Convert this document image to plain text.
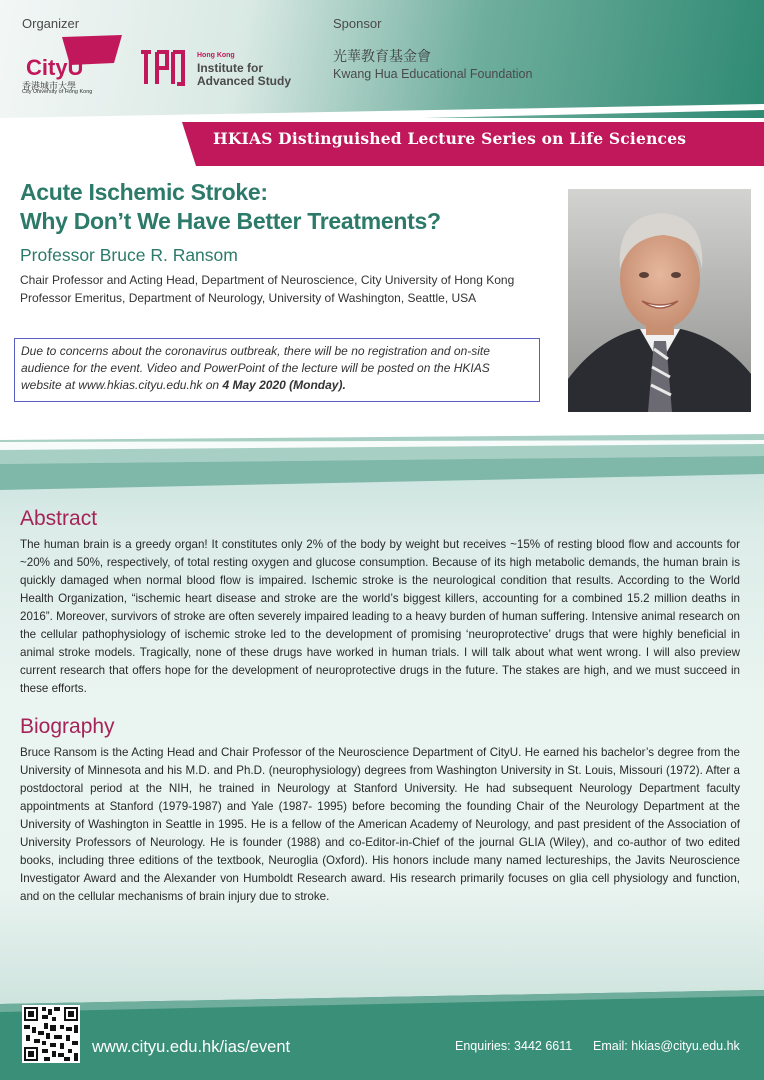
Organizer	Sponsor
CityU
香港城市大學
City University of Hong Kong
Hong Kong
Institute for
Advanced Study
光華教育基金會
Kwang Hua Educational Foundation
HKIAS Distinguished Lecture Series on Life Sciences
Acute Ischemic Stroke:
Why Don’t We Have Better Treatments?
Professor Bruce R. Ransom
Chair Professor and Acting Head, Department of Neuroscience, City University of Hong Kong
Professor Emeritus, Department of Neurology, University of Washington, Seattle, USA
Due to concerns about the coronavirus outbreak, there will be no registration and on-site audience for the event. Video and PowerPoint of the lecture will be posted on the HKIAS website at www.hkias.cityu.edu.hk on 4 May 2020 (Monday).
Abstract
The human brain is a greedy organ! It constitutes only 2% of the body by weight but receives ~15% of resting blood flow and accounts for ~20% and 50%, respectively, of total resting oxygen and glucose consumption. Because of its high metabolic demands, the human brain is quickly damaged when normal blood flow is impaired. Ischemic stroke is the neurological condition that results. According to the World Health Organization, “ischemic heart disease and stroke are the world’s biggest killers, accounting for a combined 15.2 million deaths in 2016”. Moreover, survivors of stroke are often severely impaired leading to a heavy burden of human suffering. Intensive animal research on the cellular pathophysiology of ischemic stroke led to the development of promising ‘neuroprotective’ drugs that were highly beneficial in animal stroke models. Tragically, none of these drugs have worked in human trials. I will talk about what went wrong. I will also preview current research that offers hope for the development of neuroprotective drugs in the future. The stakes are high, and we must succeed in these efforts.
Biography
Bruce Ransom is the Acting Head and Chair Professor of the Neuroscience Department of CityU. He earned his bachelor’s degree from the University of Minnesota and his M.D. and Ph.D. (neurophysiology) degrees from Washington University in St. Louis, Missouri (1972). After a postdoctoral period at the NIH, he trained in Neurology at Stanford University. He had subsequent Neurology Department faculty appointments at Stanford (1979-1987) and Yale (1987- 1995) before becoming the founding Chair of the Neurology Department at the University of Washington in Seattle in 1995. He is a fellow of the American Academy of Neurology, and past president of the Association of University Professors of Neurology. He is founder (1988) and co-Editor-in-Chief of the journal GLIA (Wiley), and co-author of two edited books, including three editions of the textbook, Neuroglia (Oxford). His honors include many named lectureships, the Javits Neuroscience Investigator Award and the Alexander von Humboldt Research award. His research primarily focuses on glia cell physiology and function, and on the cellular mechanisms of brain injury due to stroke.
www.cityu.edu.hk/ias/event	Enquiries: 3442 6611 Email: hkias@cityu.edu.hk
